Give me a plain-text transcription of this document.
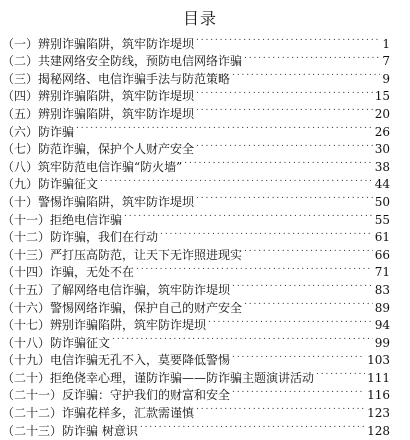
目录
（一） 辨别诈骗陷阱，筑牢防诈堤坝 . . .	1
（二） 共建网络安全防线，预防电信网络诈骗 . . .	7
（三） 揭秘网络、电信诈骗手法与防范策略 . . .	9
（四） 辨别诈骗陷阱，筑牢防诈堤坝 . . .	15
（五） 辨别诈骗陷阱，筑牢防诈堤坝 . . .	20
（六） 防诈骗 . . .	26
（七） 防范诈骗，保护个人财产安全 . . .	30
（八） 筑牢防范电信诈骗“防火墙” . . .	38
（九） 防诈骗征文 . . .	44
（十） 警惕诈骗陷阱，筑牢防诈堤坝 . . .	50
（十一） 拒绝电信诈骗 . . .	55
（十二） 防诈骗，我们在行动 . . .	61
（十三） 严打压高防范，让天下无诈照进现实 . . .	66
（十四） 诈骗，无处不在 . . .	71
（十五） 了解网络电信诈骗，筑牢防诈堤坝 . . .	83
（十六） 警惕网络诈骗，保护自己的财产安全 . . .	89
（十七） 辨别诈骗陷阱，筑牢防诈堤坝 . . .	94
（十八） 防诈骗征文 . . .	99
（十九） 电信诈骗无孔不入，莫要降低警惕 . . .	103
（二十） 拒绝侥幸心理，谨防诈骗——防诈骗主题演讲活动 . . .	111
（二十一） 反诈骗：守护我们的财富和安全 . . .	116
（二十二） 诈骗花样多，汇款需谨慎 . . .	123
（二十三） 防诈骗 树意识 . . .	128
